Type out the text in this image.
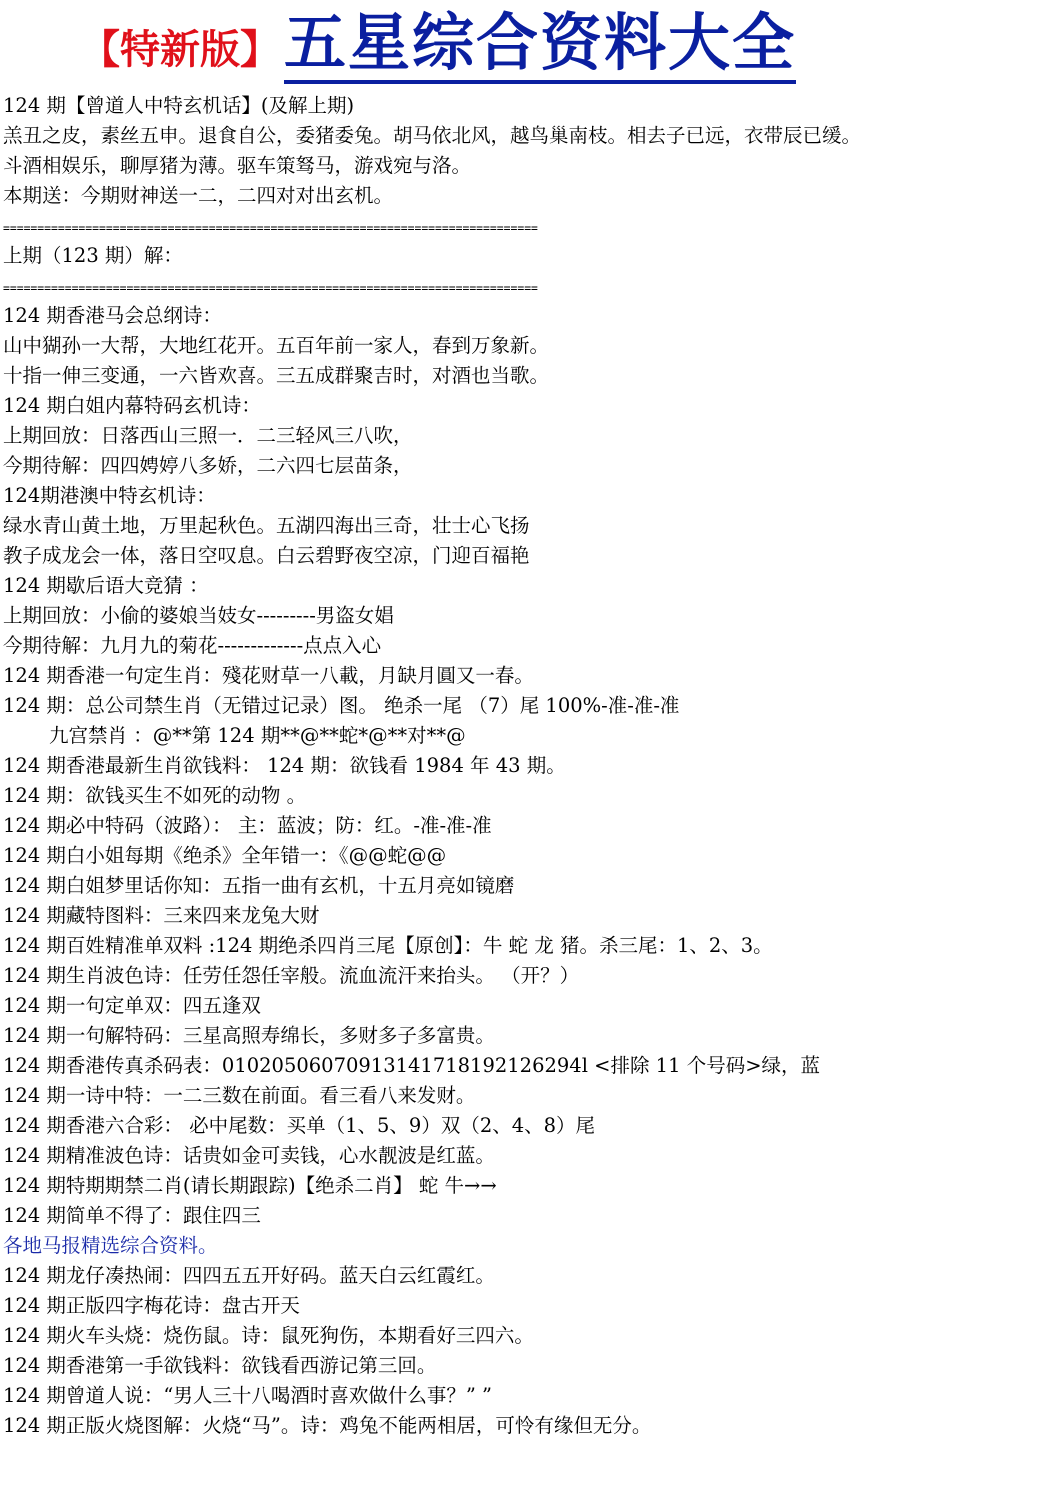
【特新版】 五星综合资料大全
124 期【曾道人中特玄机话】(及解上期)
羔丑之皮，素丝五申。退食自公，委猪委兔。胡马依北风，越鸟巢南枝。相去子已远，衣带辰已缓。
斗酒相娱乐，聊厚猪为薄。驱车策驽马，游戏宛与洛。
本期送：今期财神送一二，二四对对出玄机。
==============================================================================
上期（123 期）解：
==============================================================================
124 期香港马会总纲诗：
山中猢孙一大帮，大地红花开。五百年前一家人，春到万象新。
十指一伸三变通，一六皆欢喜。三五成群聚吉时，对酒也当歌。
124 期白姐内幕特码玄机诗：
上期回放：日落西山三照一．二三轻风三八吹，
今期待解：四四娉婷八多娇，二六四七层苗条，
124期港澳中特玄机诗：
绿水青山黄土地，万里起秋色。五湖四海出三奇，壮士心飞扬
教子成龙会一体，落日空叹息。白云碧野夜空凉，门迎百福艳
124 期歇后语大竞猜 ：
上期回放：小偷的婆娘当妓女---------男盗女娼
今期待解：九月九的菊花-------------点点入心
124 期香港一句定生肖：殘花财草一八載，月缺月圓又一春。
124 期：总公司禁生肖（无错过记录）图。 绝杀一尾 （7）尾 100%-准-准-准
九宫禁肖 ：@**第 124 期**@**蛇*@**对**@
124 期香港最新生肖欲钱料： 124 期：欲钱看 1984 年 43 期。
124 期：欲钱买生不如死的动物 。
124 期必中特码（波路）： 主：蓝波；防：红。-准-准-准
124 期白小姐每期《绝杀》全年错一：《@@蛇@@
124 期白姐梦里话你知：五指一曲有玄机，十五月亮如镜磨
124 期藏特图料：三来四来龙兔大财
124 期百姓精准单双料 :124 期绝杀四肖三尾【原创】：牛 蛇 龙 猪。杀三尾：1、2、3。
124 期生肖波色诗：任劳任怨任宰般。流血流汗来抬头。 （开？）
124 期一句定单双：四五逢双
124 期一句解特码：三星高照寿绵长，多财多子多富贵。
124 期香港传真杀码表：01020506070913141718192126294l <排除 11 个号码>绿，蓝
124 期一诗中特：一二三数在前面。看三看八来发财。
124 期香港六合彩： 必中尾数：买单（1、5、9）双（2、4、8）尾
124 期精准波色诗：话贵如金可卖钱，心水靓波是红蓝。
124 期特期期禁二肖(请长期跟踪)【绝杀二肖】 蛇 牛→→
124 期简单不得了：跟住四三
各地马报精选综合资料。
124 期龙仔凑热闹：四四五五开好码。蓝天白云红霞红。
124 期正版四字梅花诗：盘古开天
124 期火车头烧：烧伤鼠。诗：鼠死狗伤，本期看好三四六。
124 期香港第一手欲钱料：欲钱看西游记第三回。
124 期曾道人说：“男人三十八喝酒时喜欢做什么事？” ”
124 期正版火烧图解：火烧“马”。诗：鸡兔不能两相居，可怜有缘但无分。
